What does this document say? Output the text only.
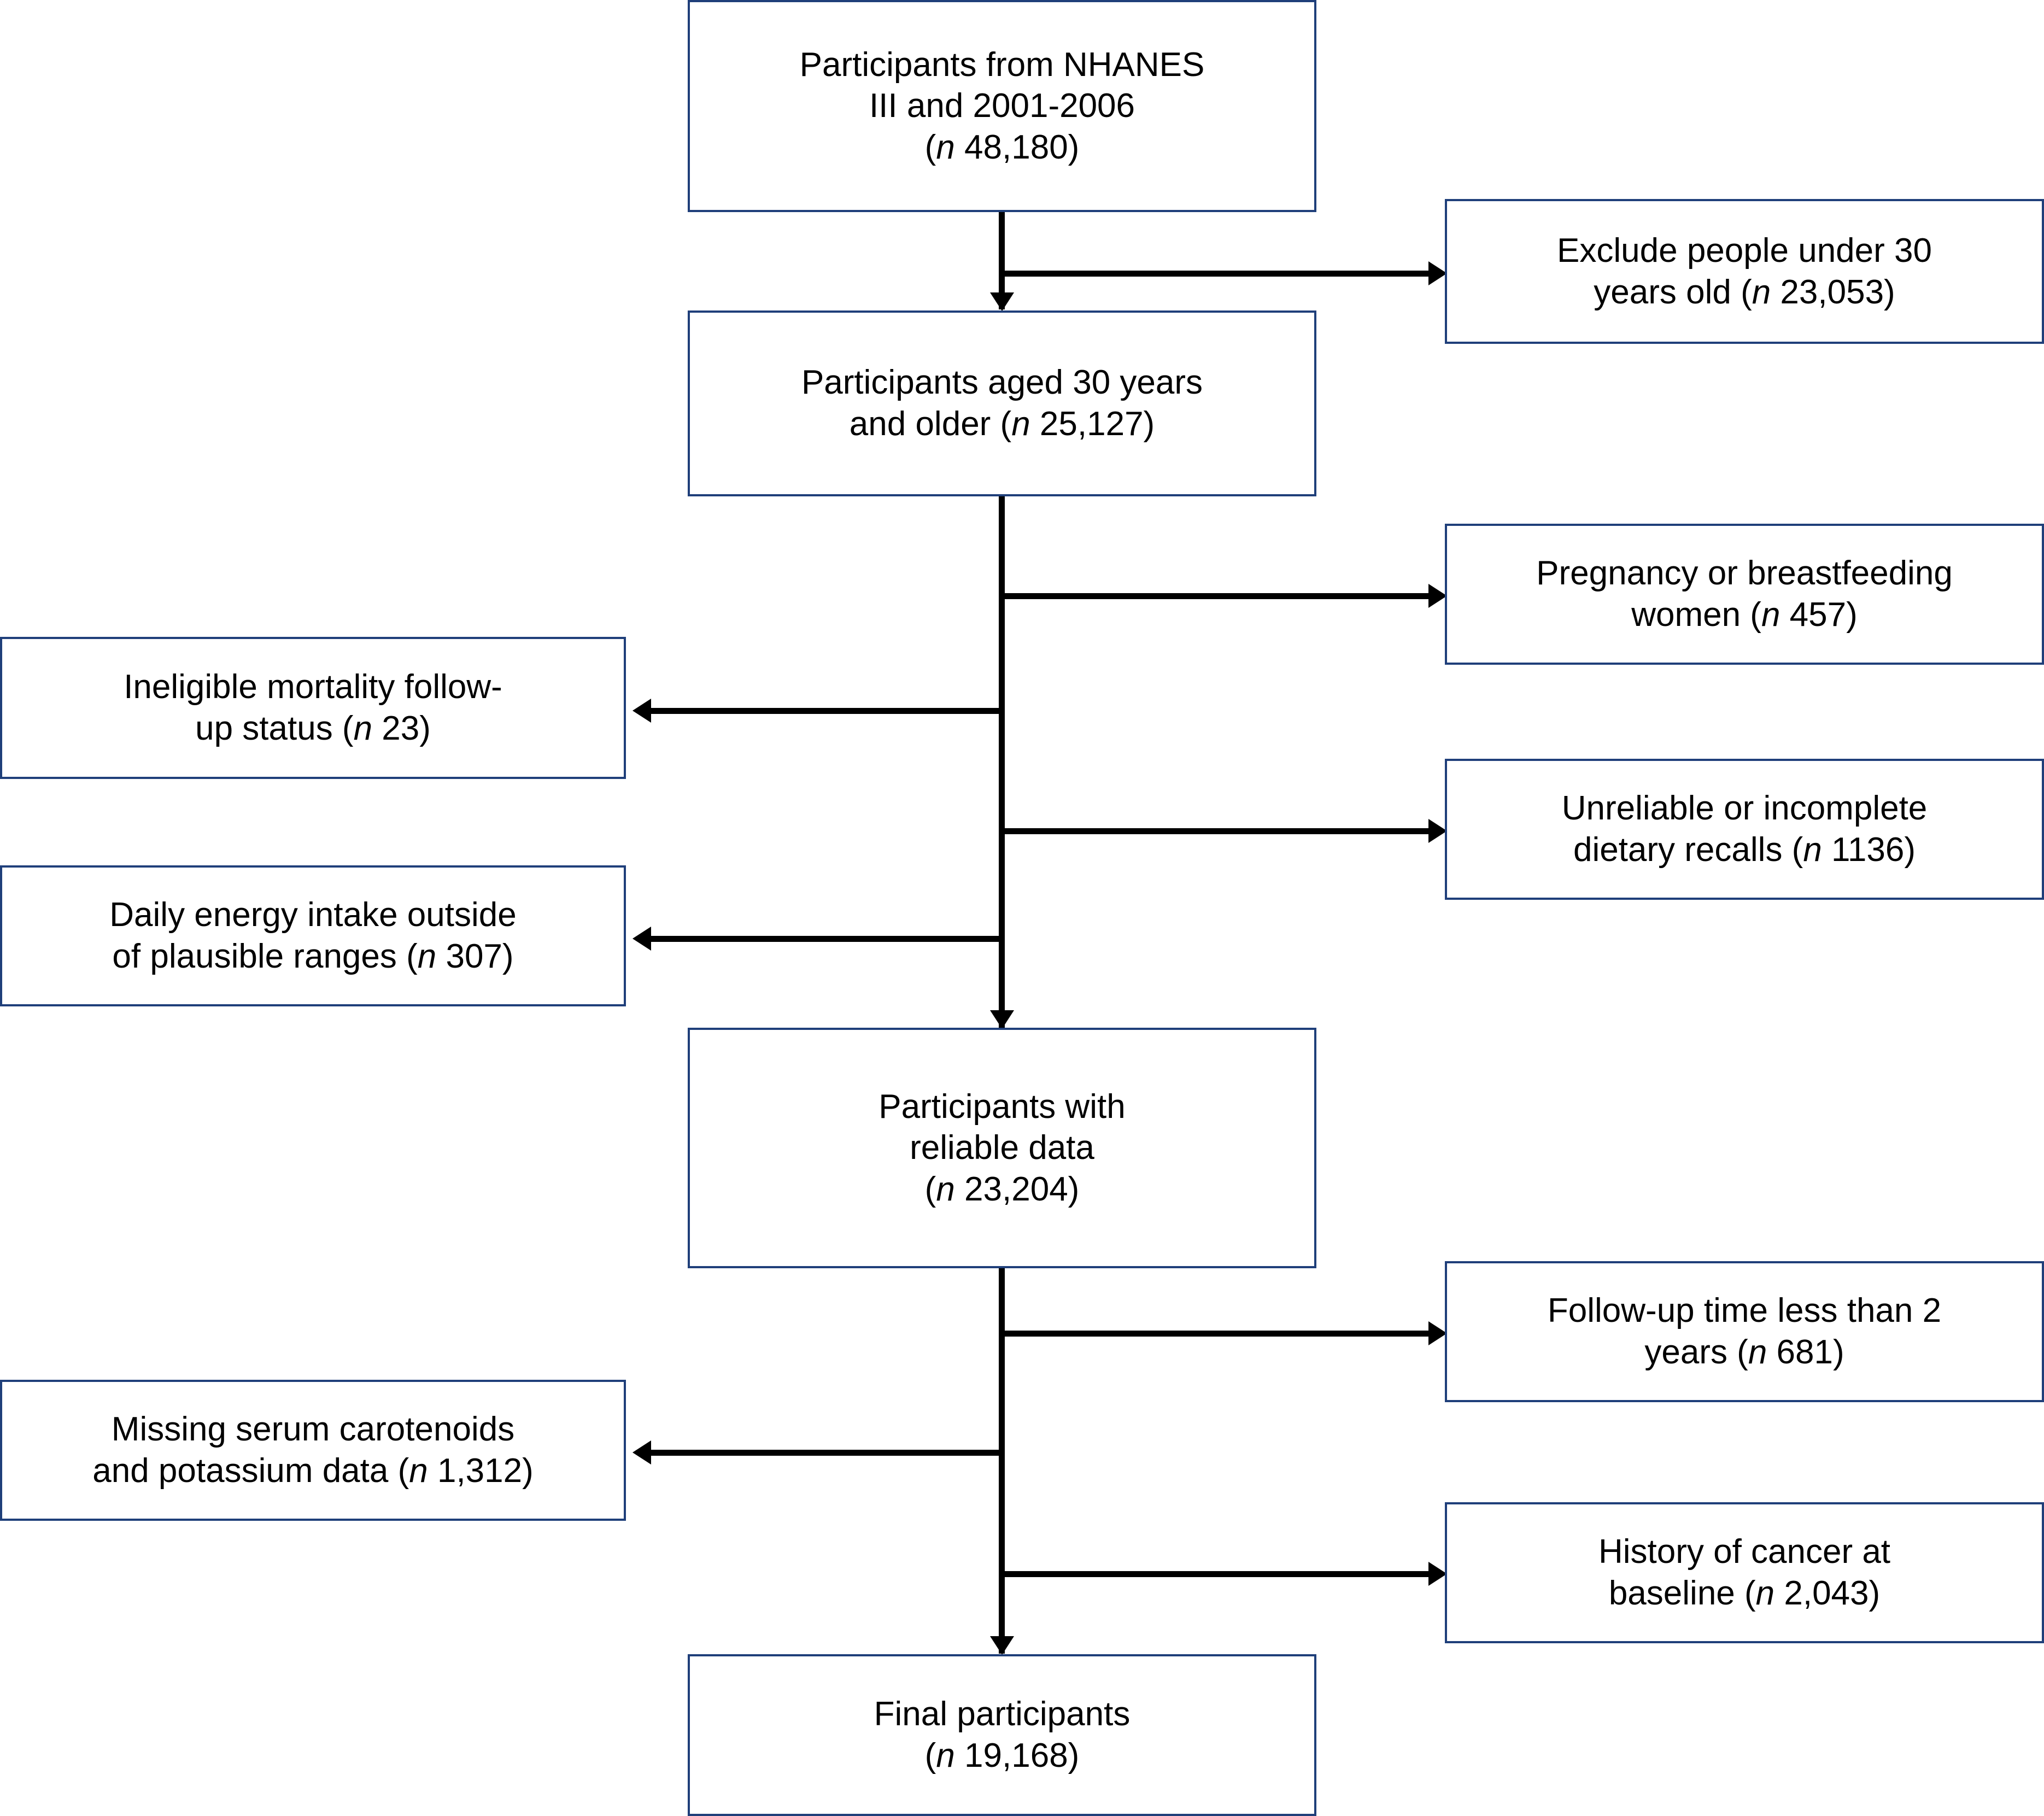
Participants from NHANES
III and 2001-2006
(n 48,180)
Participants aged 30 years
and older (n 25,127)
Participants with
reliable data
(n 23,204)
Final participants
(n 19,168)
Exclude people under 30
years old (n 23,053)
Pregnancy or breastfeeding
women (n 457)
Ineligible mortality follow-
up status (n 23)
Unreliable or incomplete
dietary recalls (n 1136)
Daily energy intake outside
of plausible ranges (n 307)
Follow-up time less than 2
years (n 681)
Missing serum carotenoids
and potassium data (n 1,312)
History of cancer at
baseline (n 2,043)
